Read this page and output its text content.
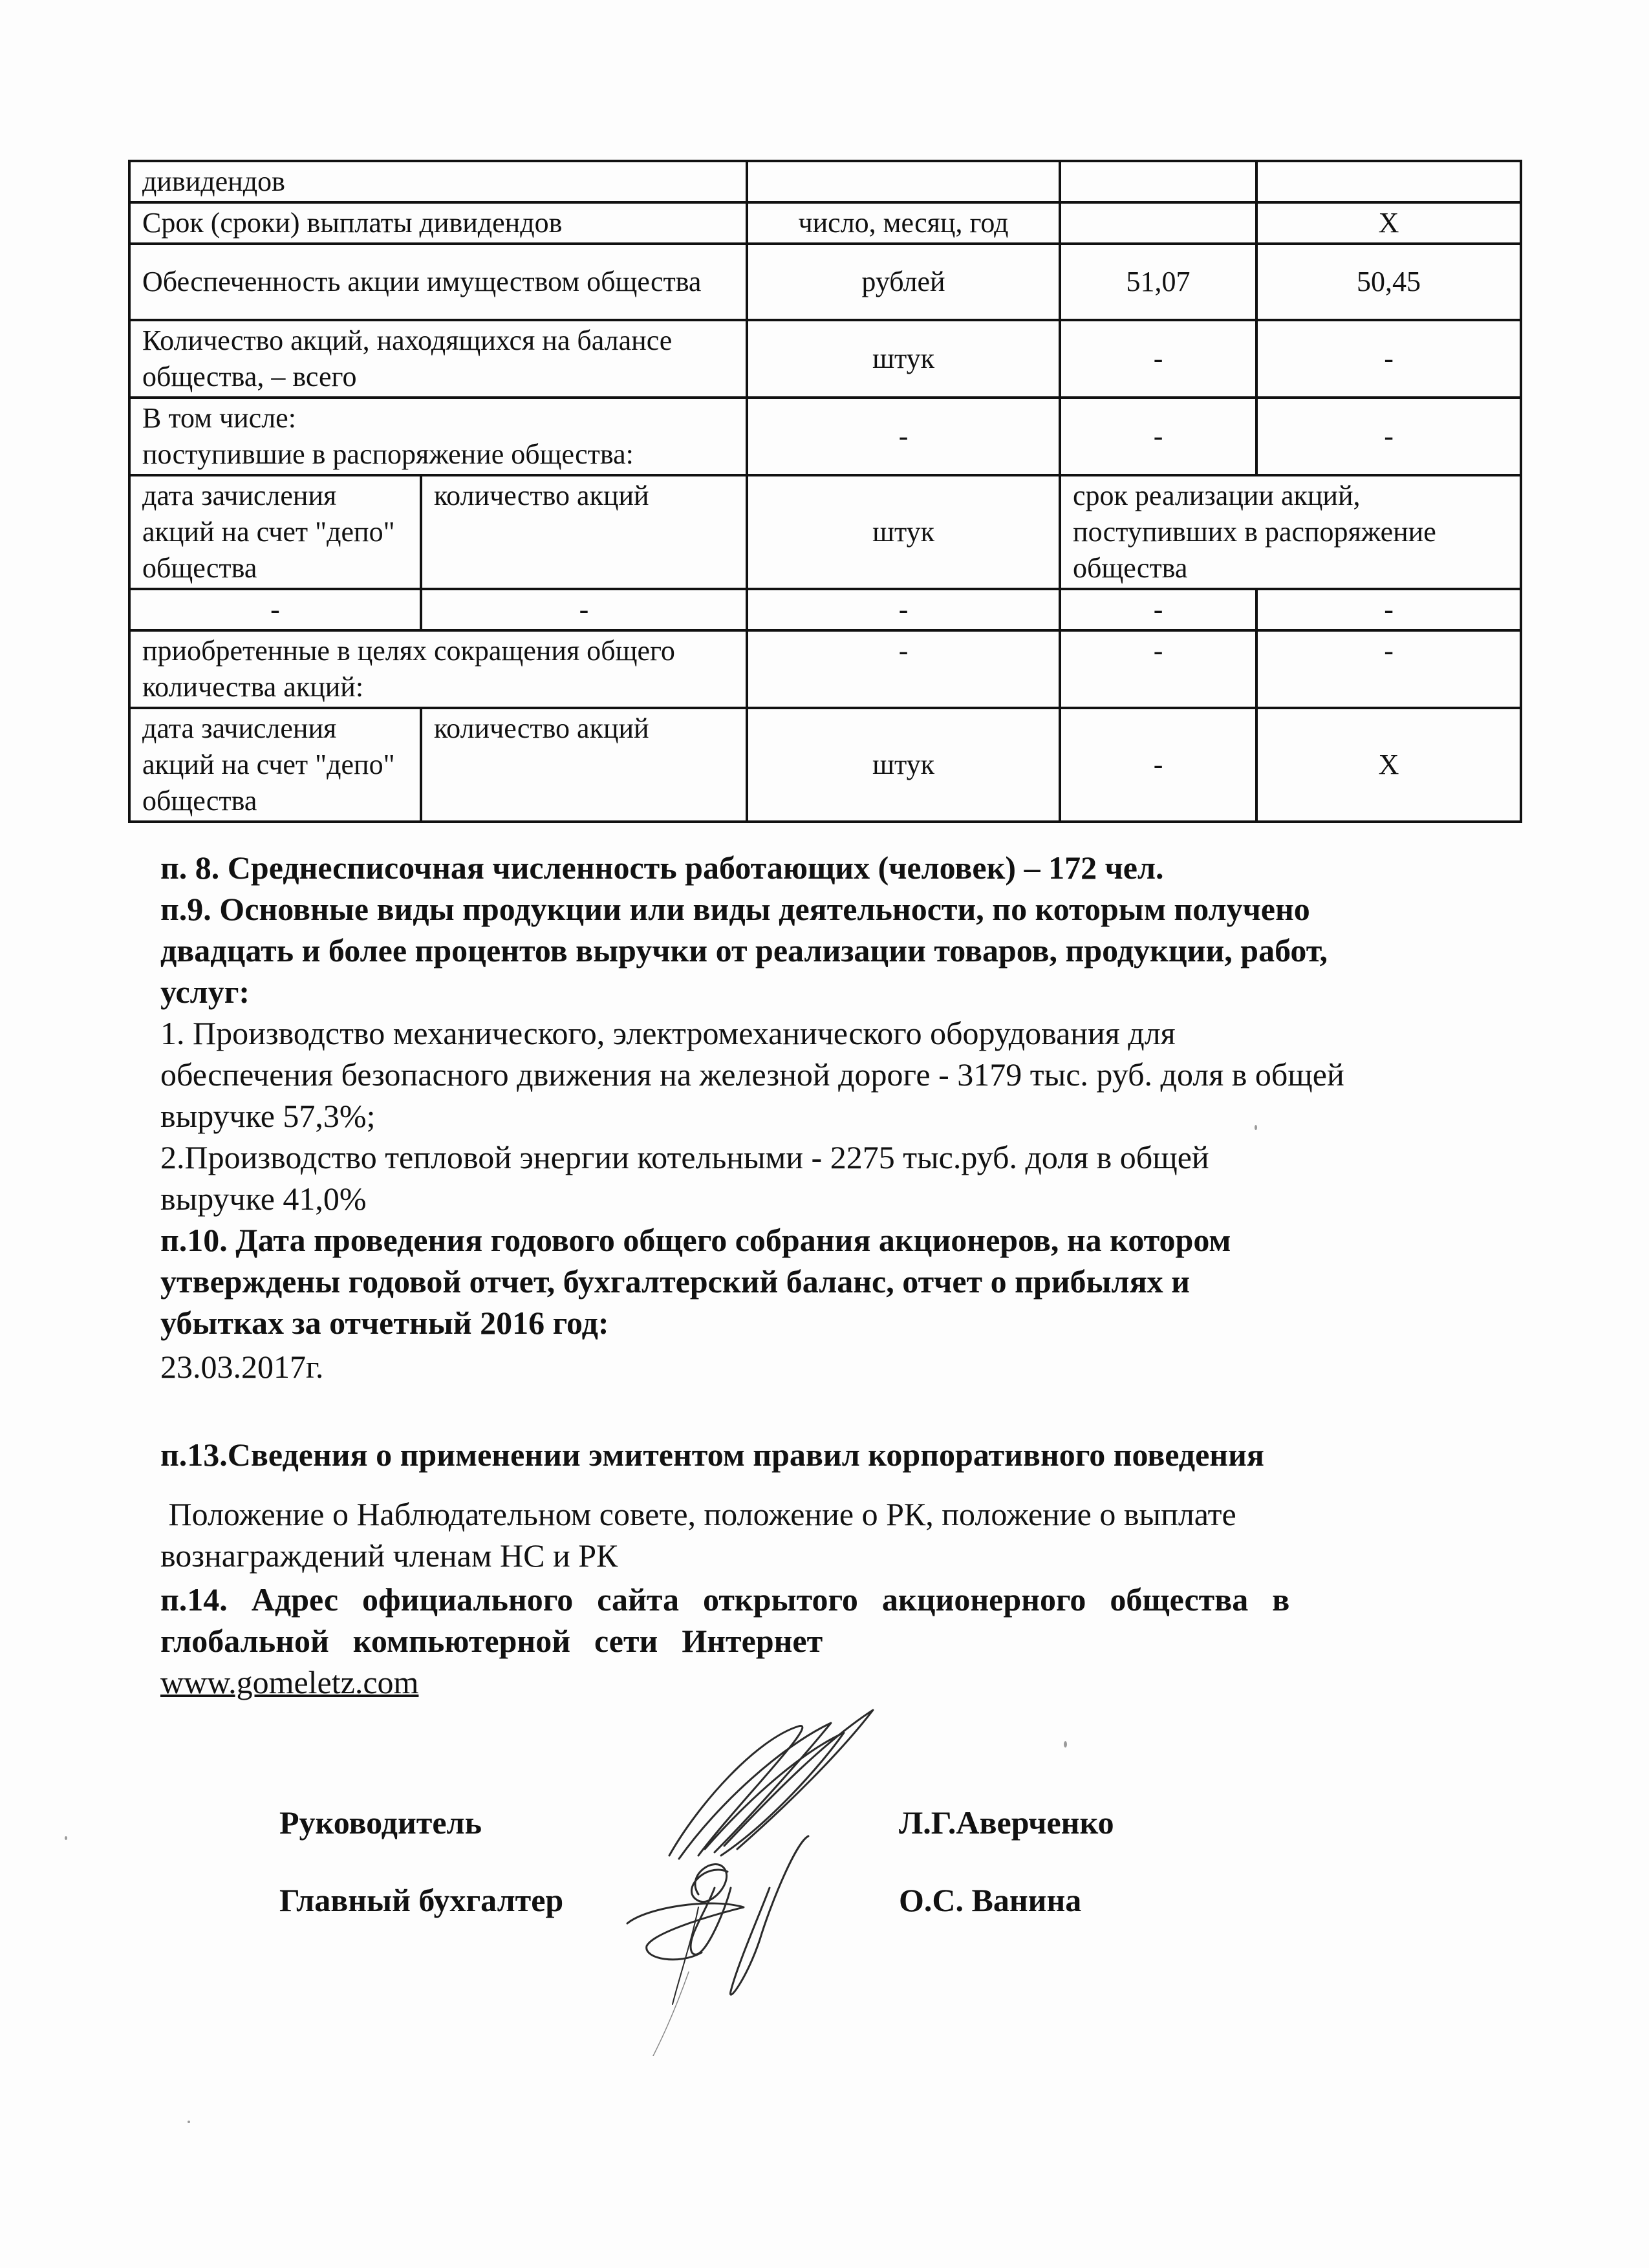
дивидендов				
Срок (сроки) выплаты дивидендов		число, месяц, год		X
Обеспеченность акции имуществом общества		рублей	51,07	50,45
Количество акций, находящихся на балансе общества, – всего		штук	-	-

В том числе:
поступившие в распоряжение общества:		-	-	-
дата зачисления акций на счет "депо" общества	количество акций	штук	срок реализации акций, поступивших в распоряжение общества	
-	-	-	-	-
приобретенные в целях сокращения общего количества акций:		-	-	-
дата зачисления акций на счет "депо" общества	количество акций	штук	-	X
п. 8. Среднесписочная численность работающих (человек) – 172 чел.
п.9. Основные виды продукции или виды деятельности, по которым получено
двадцать и более процентов выручки от реализации товаров, продукции, работ,
услуг:
1. Производство механического, электромеханического оборудования для
обеспечения безопасного движения на железной дороге - 3179 тыс. руб. доля в общей
выручке 57,3%;
2.Производство тепловой энергии котельными - 2275 тыс.руб. доля в общей
выручке 41,0%
п.10. Дата проведения годового общего собрания акционеров, на котором
утверждены годовой отчет, бухгалтерский баланс, отчет о прибылях и
убытках за отчетный 2016 год:
23.03.2017г.
п.13.Сведения о применении эмитентом правил корпоративного поведения
Положение о Наблюдательном совете, положение о РК, положение о выплате
вознаграждений членам НС и РК
п.14.  Адрес  официального  сайта  открытого  акционерного  общества  в
глобальной  компьютерной  сети  Интернет
www.gomeletz.com
Руководитель	Л.Г.Аверченко
Главный бухгалтер	О.С. Ванина
